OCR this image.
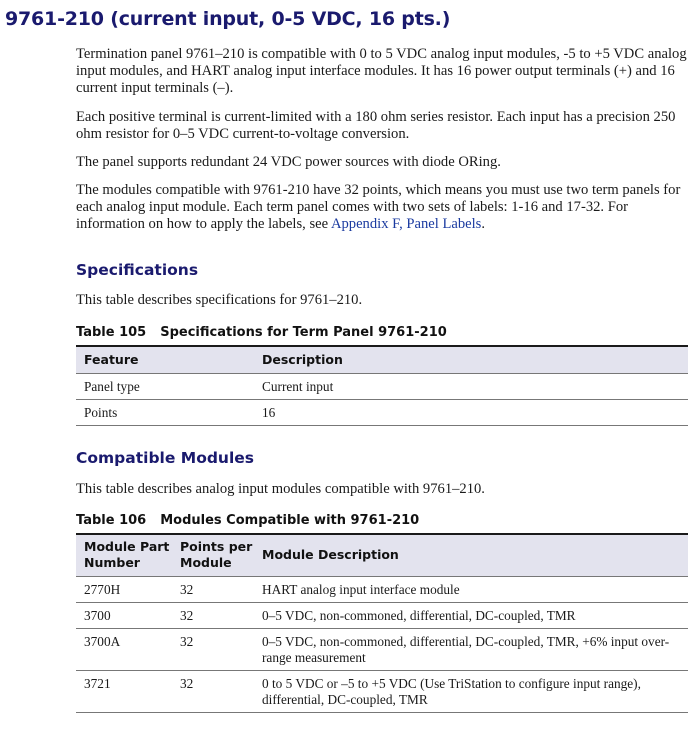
9761-210 (current input, 0-5 VDC, 16 pts.)

Termination panel 9761–210 is compatible with 0 to 5 VDC analog input modules, -5 to +5 VDC analog input modules, and HART analog input interface modules. It has 16 power output terminals (+) and 16 current input terminals (–).

Each positive terminal is current-limited with a 180 ohm series resistor. Each input has a precision 250 ohm resistor for 0–5 VDC current-to-voltage conversion.

The panel supports redundant 24 VDC power sources with diode ORing.

The modules compatible with 9761-210 have 32 points, which means you must use two term panels for each analog input module. Each term panel comes with two sets of labels: 1-16 and 17-32. For information on how to apply the labels, see Appendix F, Panel Labels.

Specifications

This table describes specifications for 9761–210.

Table 105 Specifications for Term Panel 9761-210
Feature	Description
Panel type	Current input
Points	16
Compatible Modules

This table describes analog input modules compatible with 9761–210.

Table 106 Modules Compatible with 9761-210
Module Part Number	Points per Module	Module Description
2770H	32	HART analog input interface module
3700	32	0–5 VDC, non-commoned, differential, DC-coupled, TMR
3700A	32	0–5 VDC, non-commoned, differential, DC-coupled, TMR, +6% input over-range measurement
3721	32	0 to 5 VDC or –5 to +5 VDC (Use TriStation to configure input range), differential, DC-coupled, TMR
